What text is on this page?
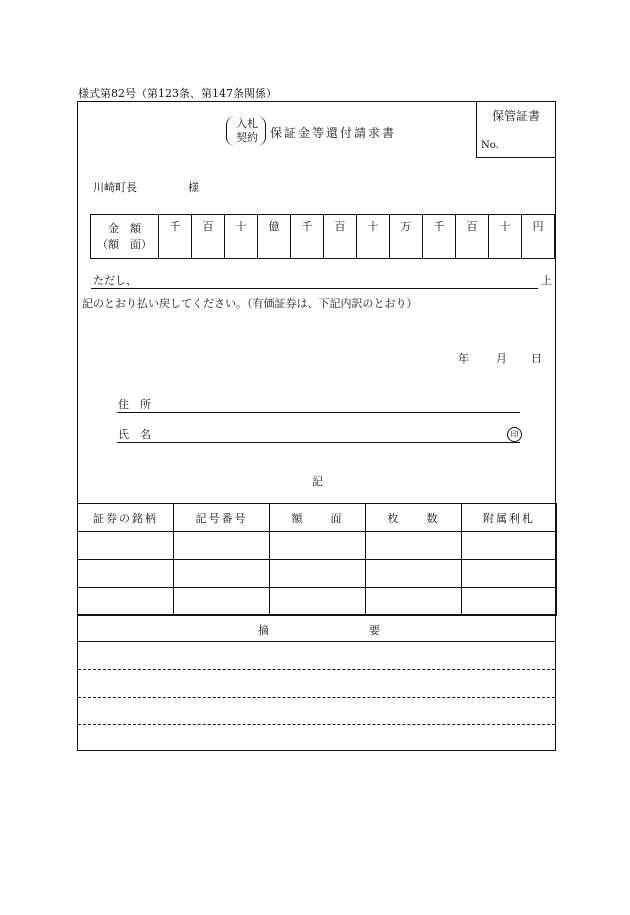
様式第82号（第123条、第147条関係）
保管証書
No.
入札
契約	保証金等還付請求書
川崎町長	様
金　額
（額　面）
	千	百	十	億	千	百	十	万	千	百	十	円
ただし、	上
記のとおり払い戻してください。（有価証券は、下記内訳のとおり）
年 月 日
住　所
氏　名	印
記
証券の銘柄	記号番号	額　　面	枚　　数	附属利札

摘	要
